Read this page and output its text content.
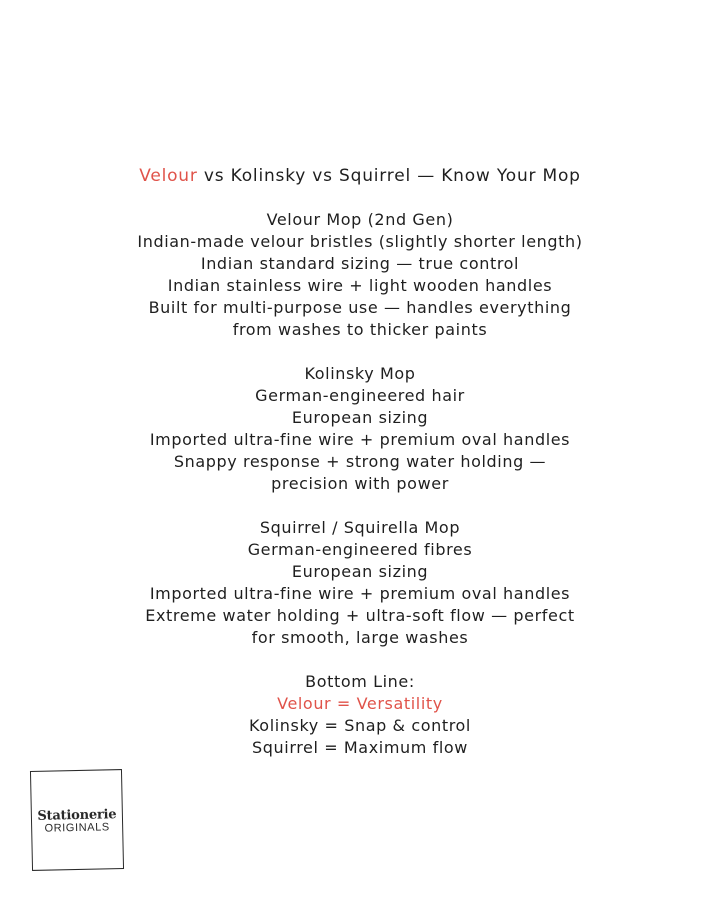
Velour vs Kolinsky vs Squirrel — Know Your Mop
Velour Mop (2nd Gen)
Indian-made velour bristles (slightly shorter length)
Indian standard sizing — true control
Indian stainless wire + light wooden handles
Built for multi-purpose use — handles everything
from washes to thicker paints
Kolinsky Mop
German-engineered hair
European sizing
Imported ultra-fine wire + premium oval handles
Snappy response + strong water holding —
precision with power
Squirrel / Squirella Mop
German-engineered fibres
European sizing
Imported ultra-fine wire + premium oval handles
Extreme water holding + ultra-soft flow — perfect
for smooth, large washes
Bottom Line:
Velour = Versatility
Kolinsky = Snap & control
Squirrel = Maximum flow
Stationerie
ORIGINALS
